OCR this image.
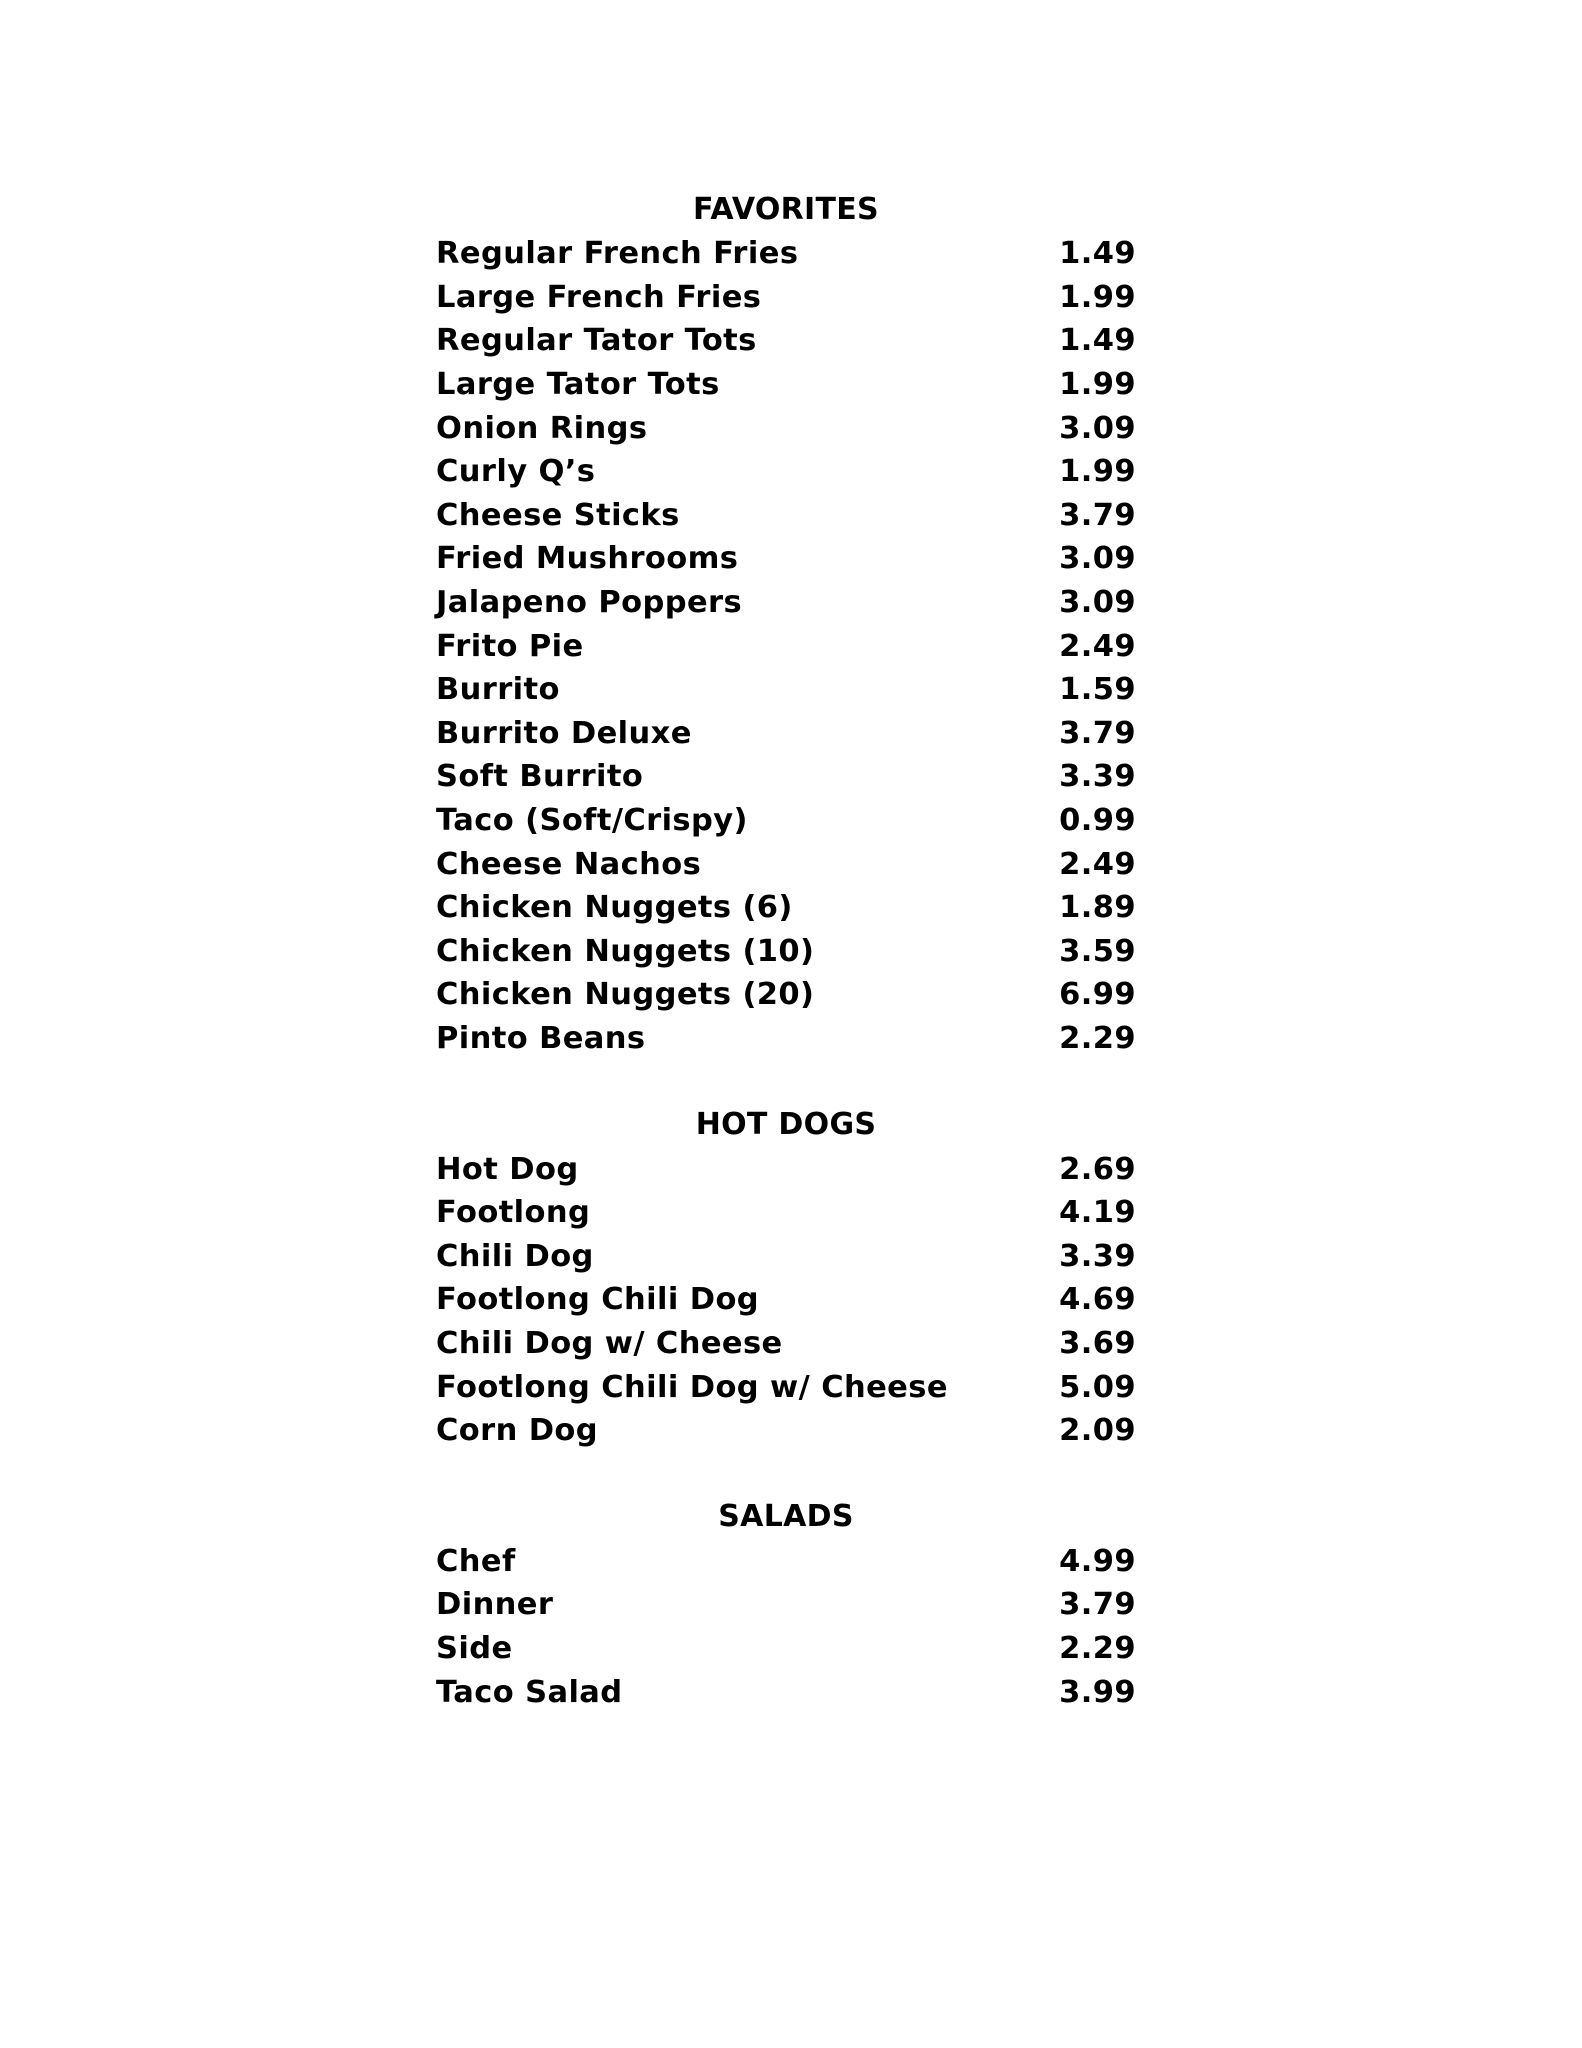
FAVORITES
Regular French Fries	1.49
Large French Fries	1.99
Regular Tator Tots	1.49
Large Tator Tots	1.99
Onion Rings	3.09
Curly Q’s	1.99
Cheese Sticks	3.79
Fried Mushrooms	3.09
Jalapeno Poppers	3.09
Frito Pie	2.49
Burrito	1.59
Burrito Deluxe	3.79
Soft Burrito	3.39
Taco (Soft/Crispy)	0.99
Cheese Nachos	2.49
Chicken Nuggets (6)	1.89
Chicken Nuggets (10)	3.59
Chicken Nuggets (20)	6.99
Pinto Beans	2.29
HOT DOGS
Hot Dog	2.69
Footlong	4.19
Chili Dog	3.39
Footlong Chili Dog	4.69
Chili Dog w/ Cheese	3.69
Footlong Chili Dog w/ Cheese	5.09
Corn Dog	2.09
SALADS
Chef	4.99
Dinner	3.79
Side	2.29
Taco Salad	3.99
